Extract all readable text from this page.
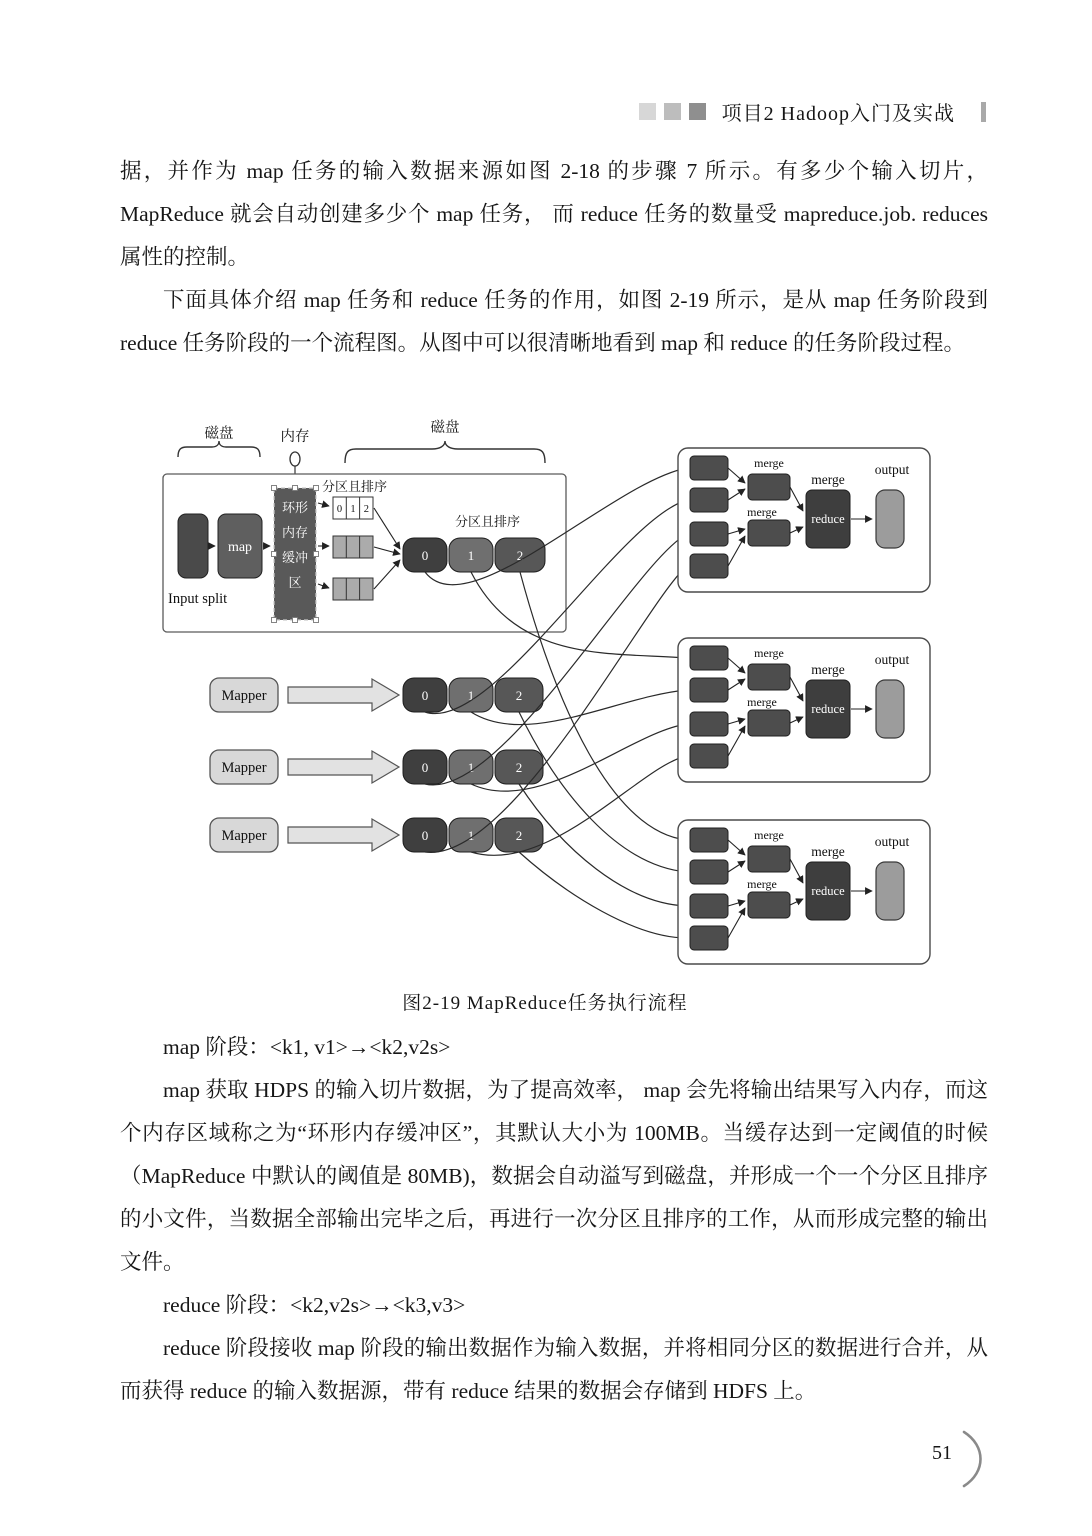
项目2 Hadoop入门及实战

据，并作为 map 任务的输入数据来源如图 2-18 的步骤 7 所示。有多少个输入切片，MapReduce 就会自动创建多少个 map 任务， 而 reduce 任务的数量受 mapreduce.job. reduces 属性的控制。

下面具体介绍 map 任务和 reduce 任务的作用，如图 2-19 所示，是从 map 任务阶段到 reduce 任务阶段的一个流程图。从图中可以很清晰地看到 map 和 reduce 的任务阶段过程。

磁盘	内存
磁盘
Input split
map
环形
内存
缓冲
区
分区且排序
0 1 2
分区且排序
0	1	2
Mapper	0	1	2
Mapper	0	1	2
Mapper	0	1	2
reduce
merge
merge
merge
output
图2-19 MapReduce任务执行流程

map 阶段：<k1, v1>→<k2,v2s>

map 获取 HDPS 的输入切片数据，为了提高效率， map 会先将输出结果写入内存，而这个内存区域称之为“环形内存缓冲区”，其默认大小为 100MB。当缓存达到一定阈值的时候（MapReduce 中默认的阈值是 80MB)，数据会自动溢写到磁盘，并形成一个一个分区且排序的小文件，当数据全部输出完毕之后，再进行一次分区且排序的工作，从而形成完整的输出文件。

reduce 阶段：<k2,v2s>→<k3,v3>

reduce 阶段接收 map 阶段的输出数据作为输入数据，并将相同分区的数据进行合并，从而获得 reduce 的输入数据源，带有 reduce 结果的数据会存储到 HDFS 上。

51
